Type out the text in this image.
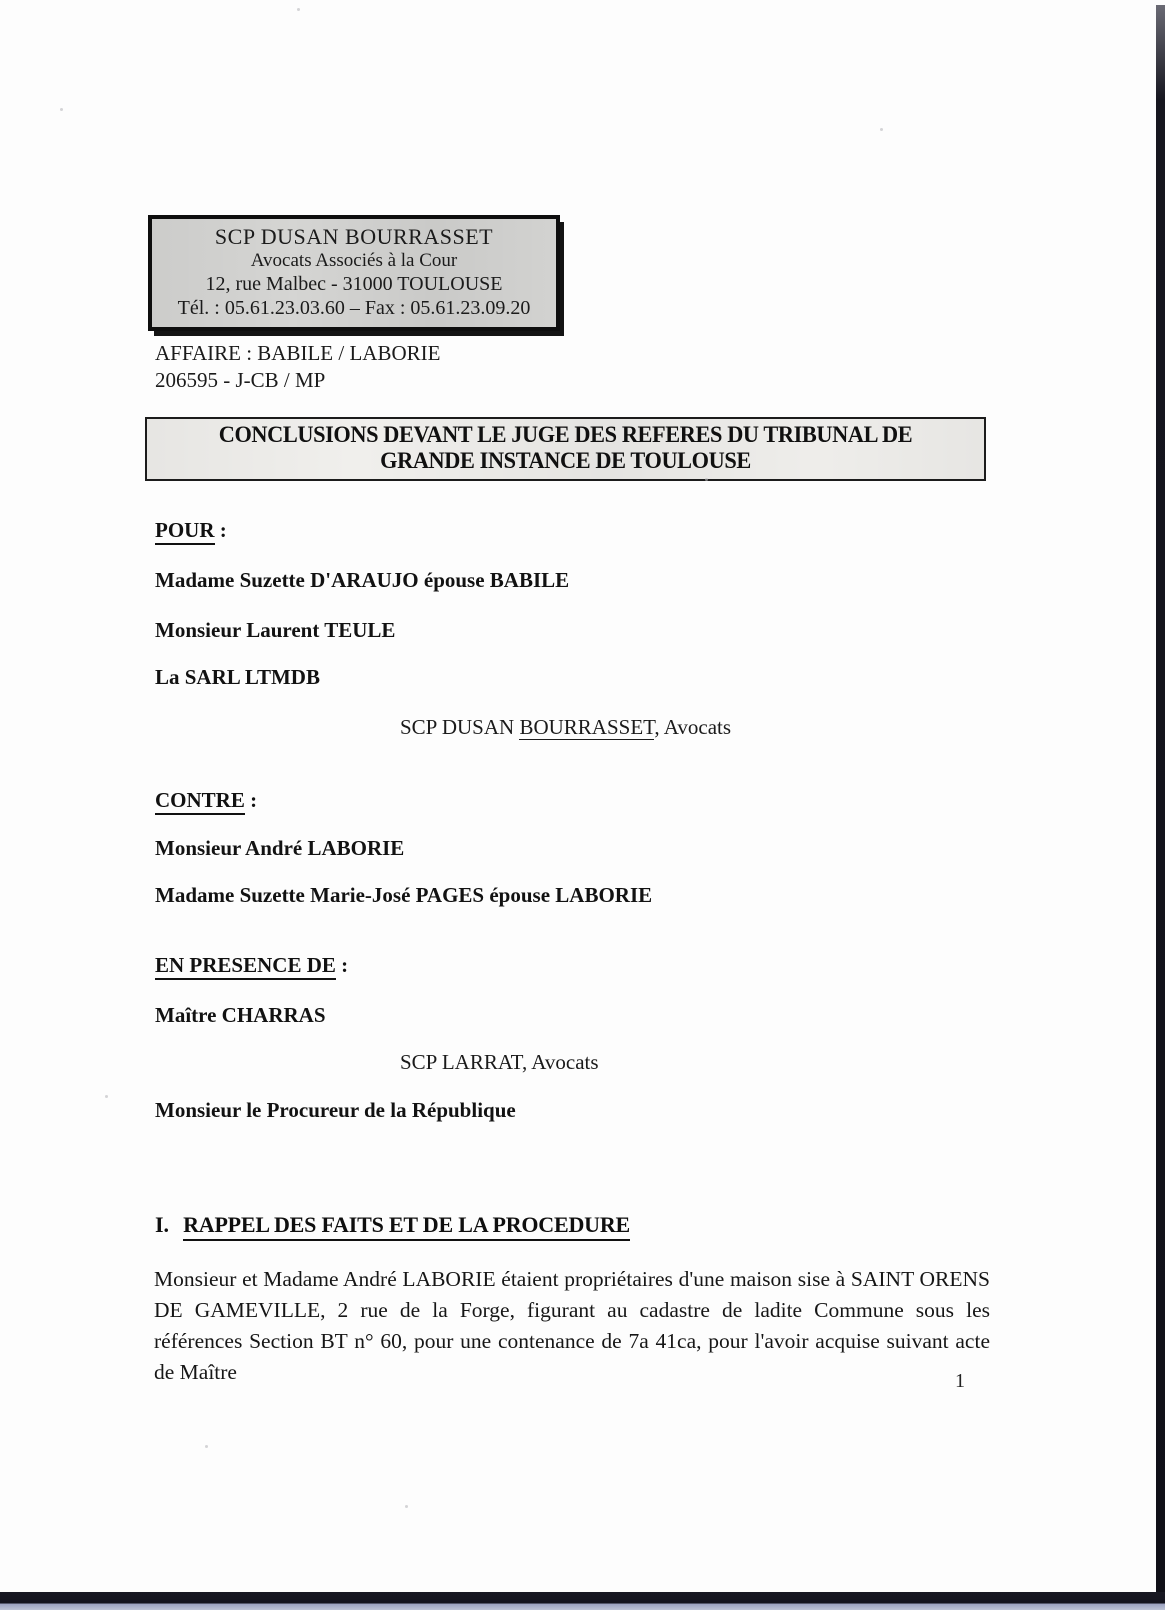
SCP DUSAN BOURRASSET
Avocats Associés à la Cour
12, rue Malbec - 31000 TOULOUSE
Tél. : 05.61.23.03.60 – Fax : 05.61.23.09.20
AFFAIRE : BABILE / LABORIE
206595 - J-CB / MP
CONCLUSIONS DEVANT LE JUGE DES REFERES DU TRIBUNAL DE
GRANDE INSTANCE DE TOULOUSE
POUR :
Madame Suzette D'ARAUJO épouse BABILE
Monsieur Laurent TEULE
La SARL LTMDB
SCP DUSAN BOURRASSET, Avocats
CONTRE :
Monsieur André LABORIE
Madame Suzette Marie-José PAGES épouse LABORIE
EN PRESENCE DE :
Maître CHARRAS
SCP LARRAT, Avocats
Monsieur le Procureur de la République
I. RAPPEL DES FAITS ET DE LA PROCEDURE
Monsieur et Madame André LABORIE étaient propriétaires d'une maison sise à SAINT ORENS DE GAMEVILLE, 2 rue de la Forge, figurant au cadastre de ladite Commune sous les références Section BT n° 60, pour une contenance de 7a 41ca, pour l'avoir acquise suivant acte de Maître	1
